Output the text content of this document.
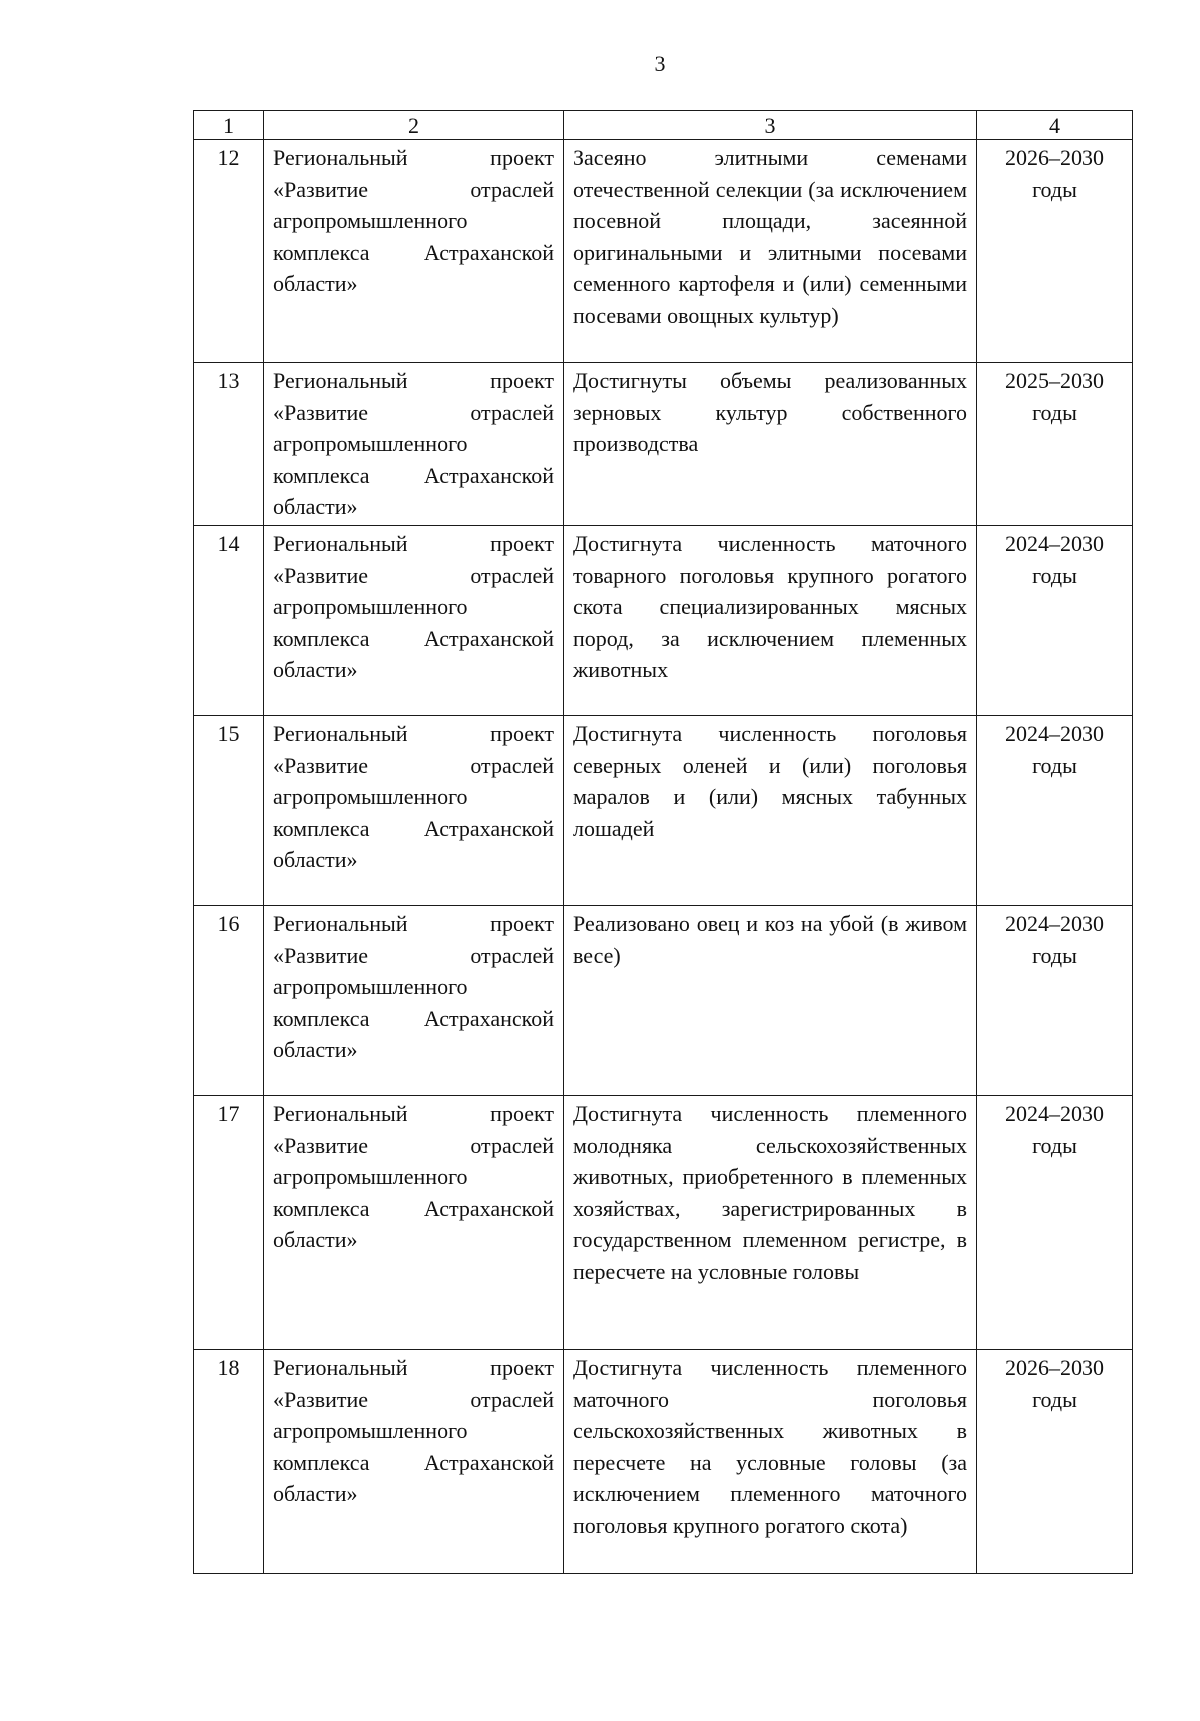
3
1	2	3	4
12	Региональный проект «Развитие отраслей агропромышленного комплекса Астраханской области»	Засеяно элитными семенами отечественной селекции (за исключением посевной площади, засеянной оригинальными и элитными посевами семенного картофеля и (или) семенными посевами овощных культур)	2026–2030
годы

13	Региональный проект «Развитие отраслей агропромышленного комплекса Астраханской области»	Достигнуты объемы реализованных зерновых культур собственного производства	2025–2030
годы

14	Региональный проект «Развитие отраслей агропромышленного комплекса Астраханской области»	Достигнута численность маточного товарного поголовья крупного рогатого скота специализированных мясных пород, за исключением племенных животных	2024–2030
годы

15	Региональный проект «Развитие отраслей агропромышленного комплекса Астраханской области»	Достигнута численность поголовья северных оленей и (или) поголовья маралов и (или) мясных табунных лошадей	2024–2030
годы

16	Региональный проект «Развитие отраслей агропромышленного комплекса Астраханской области»	Реализовано овец и коз на убой (в живом весе)	2024–2030
годы

17	Региональный проект «Развитие отраслей агропромышленного комплекса Астраханской области»	Достигнута численность племенного молодняка сельскохозяйственных животных, приобретенного в племенных хозяйствах, зарегистрированных в государственном племенном регистре, в пересчете на условные головы	2024–2030
годы

18	Региональный проект «Развитие отраслей агропромышленного комплекса Астраханской области»	Достигнута численность племенного маточного поголовья сельскохозяйственных животных в пересчете на условные головы (за исключением племенного маточного поголовья крупного рогатого скота)	2026–2030
годы
